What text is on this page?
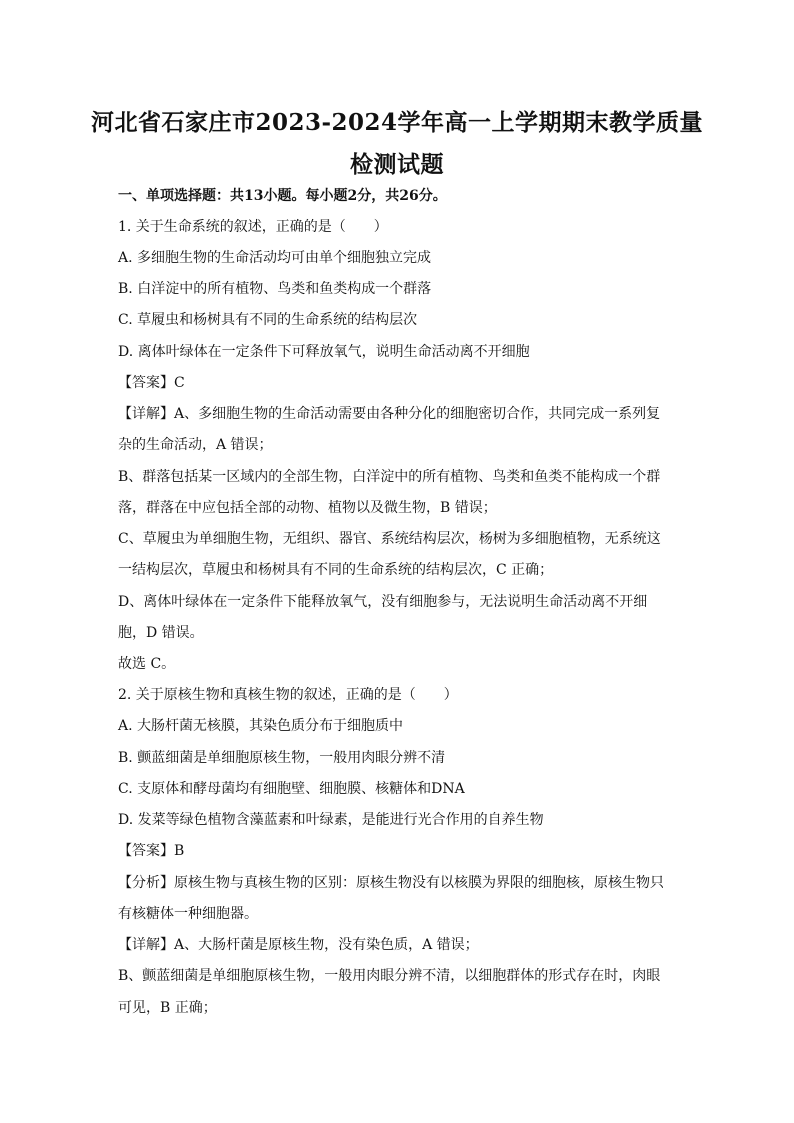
河北省石家庄市2023-2024学年高一上学期期末教学质量
检测试题
一、单项选择题：共13小题。每小题2分，共26分。
1. 关于生命系统的叙述，正确的是（　　）
A. 多细胞生物的生命活动均可由单个细胞独立完成
B. 白洋淀中的所有植物、鸟类和鱼类构成一个群落
C. 草履虫和杨树具有不同的生命系统的结构层次
D. 离体叶绿体在一定条件下可释放氧气，说明生命活动离不开细胞
【答案】C
【详解】A、多细胞生物的生命活动需要由各种分化的细胞密切合作，共同完成一系列复
杂的生命活动，A 错误；
B、群落包括某一区域内的全部生物，白洋淀中的所有植物、鸟类和鱼类不能构成一个群
落，群落在中应包括全部的动物、植物以及微生物，B 错误；
C、草履虫为单细胞生物，无组织、器官、系统结构层次，杨树为多细胞植物，无系统这
一结构层次，草履虫和杨树具有不同的生命系统的结构层次，C 正确；
D、离体叶绿体在一定条件下能释放氧气，没有细胞参与，无法说明生命活动离不开细
胞，D 错误。
故选 C。
2. 关于原核生物和真核生物的叙述，正确的是（　　）
A. 大肠杆菌无核膜，其染色质分布于细胞质中
B. 颤蓝细菌是单细胞原核生物，一般用肉眼分辨不清
C. 支原体和酵母菌均有细胞壁、细胞膜、核糖体和DNA
D. 发菜等绿色植物含藻蓝素和叶绿素，是能进行光合作用的自养生物
【答案】B
【分析】原核生物与真核生物的区别：原核生物没有以核膜为界限的细胞核，原核生物只
有核糖体一种细胞器。
【详解】A、大肠杆菌是原核生物，没有染色质，A 错误；
B、颤蓝细菌是单细胞原核生物，一般用肉眼分辨不清，以细胞群体的形式存在时，肉眼
可见，B 正确；
